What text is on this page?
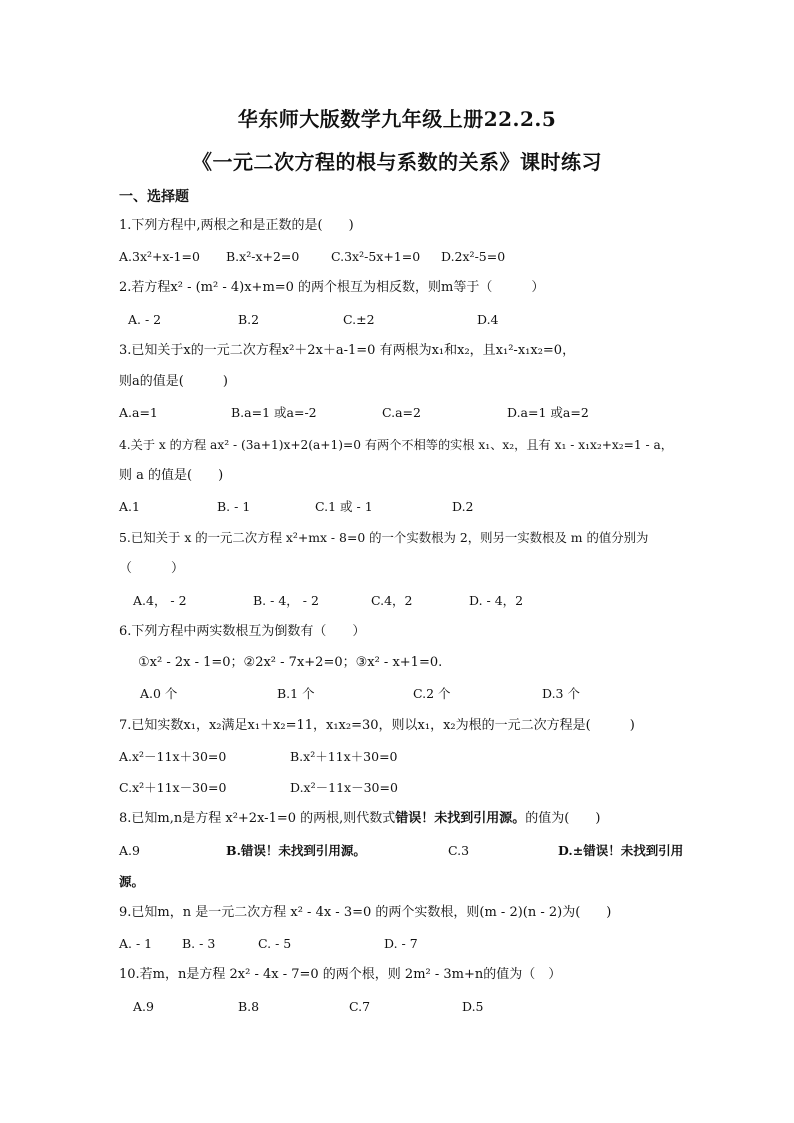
华东师大版数学九年级上册22.2.5
《一元二次方程的根与系数的关系》课时练习
一、选择题
1.下列方程中,两根之和是正数的是(　　)
A.3x²+x-1=0 B.x²-x+2=0	C.3x²-5x+1=0 D.2x²-5=0
2.若方程x² - (m² - 4)x+m=0 的两个根互为相反数，则m等于（　　　）
A. - 2	B.2	C.±2	D.4
3.已知关于x的一元二次方程x²＋2x＋a-1=0 有两根为x₁和x₂，且x₁²-x₁x₂=0，
则a的值是(　　　)
A.a=1	B.a=1 或a=-2	C.a=2	D.a=1 或a=2
4.关于 x 的方程 ax² - (3a+1)x+2(a+1)=0 有两个不相等的实根 x₁、x₂，且有 x₁ - x₁x₂+x₂=1 - a，
则 a 的值是(　　)
A.1	B. - 1	C.1 或 - 1	D.2
5.已知关于 x 的一元二次方程 x²+mx - 8=0 的一个实数根为 2，则另一实数根及 m 的值分别为
（　　　）
A.4， - 2	B. - 4， - 2	C.4，2	D. - 4，2
6.下列方程中两实数根互为倒数有（　　）
①x² - 2x - 1=0；②2x² - 7x+2=0；③x² - x+1=0.
A.0 个	B.1 个	C.2 个	D.3 个
7.已知实数x₁，x₂满足x₁＋x₂=11，x₁x₂=30，则以x₁，x₂为根的一元二次方程是(　　　)
A.x²－11x＋30=0	B.x²＋11x＋30=0
C.x²＋11x－30=0	D.x²－11x－30=0
8.已知m,n是方程 x²+2x-1=0 的两根,则代数式错误！未找到引用源。的值为(　　)
A.9	B.错误！未找到引用源。	C.3	D.±错误！未找到引用
源。
9.已知m，n 是一元二次方程 x² - 4x - 3=0 的两个实数根，则(m - 2)(n - 2)为(　　)
A. - 1 B. - 3	C. - 5	D. - 7
10.若m，n是方程 2x² - 4x - 7=0 的两个根，则 2m² - 3m+n的值为（　）
A.9	B.8	C.7	D.5
